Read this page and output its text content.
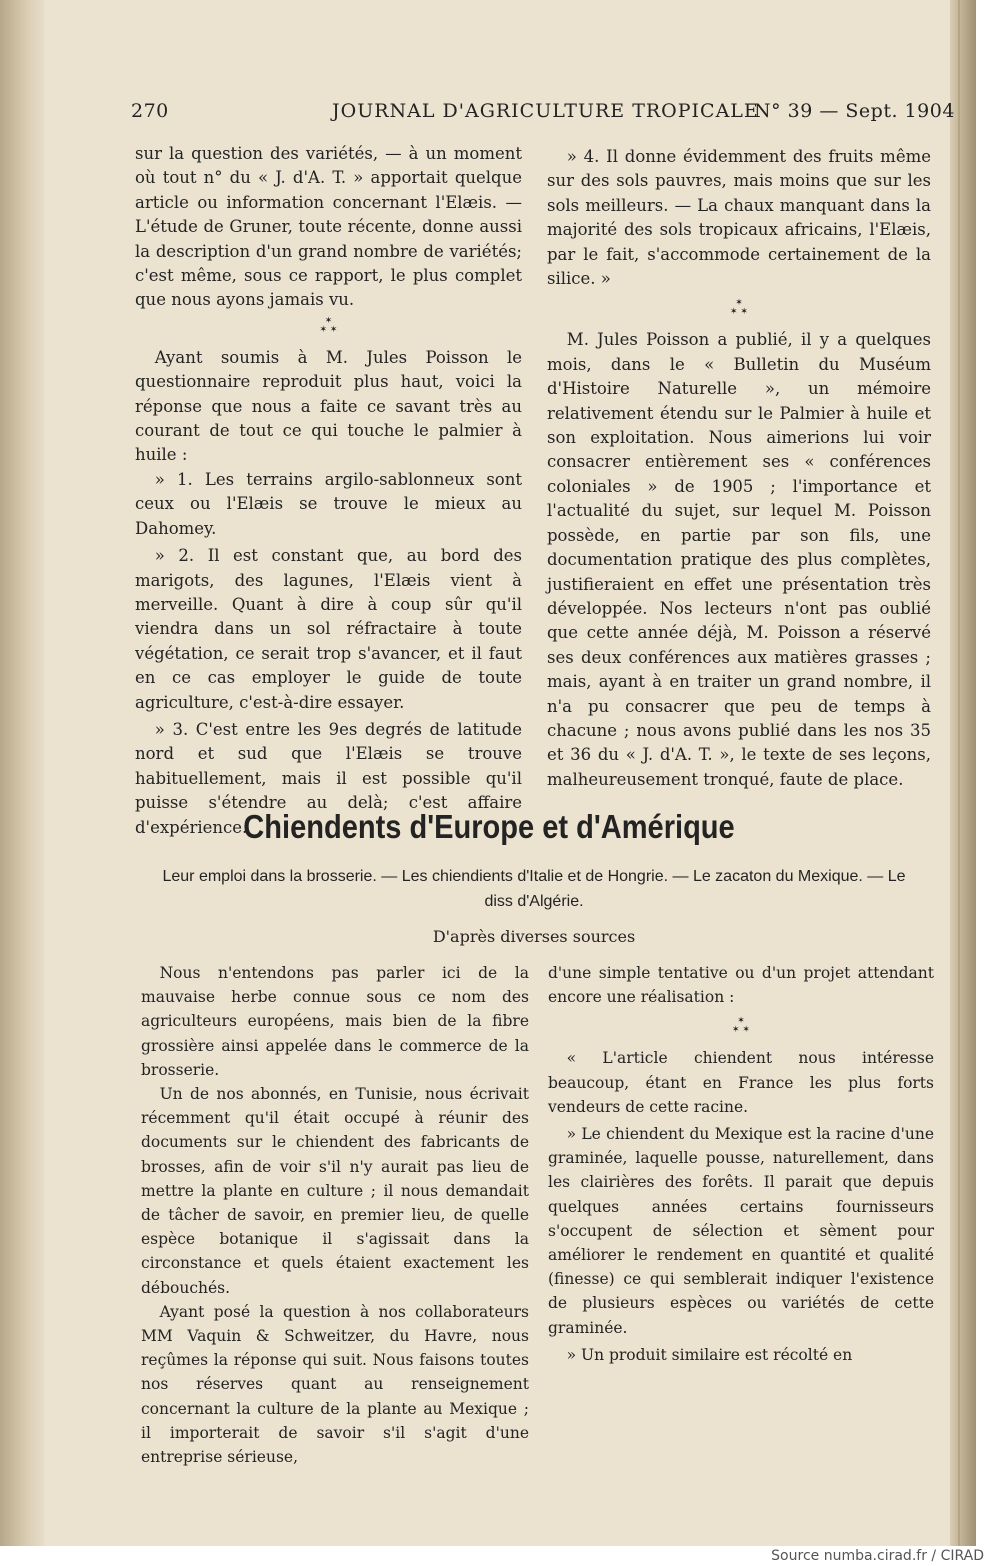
270	JOURNAL D'AGRICULTURE TROPICALE
N° 39 — Sept. 1904

sur la question des variétés, — à un moment où tout n° du « J. d'A. T. » apportait quelque article ou information concernant l'Elæis. — L'étude de Gruner, toute récente, donne aussi la description d'un grand nombre de variétés; c'est même, sous ce rapport, le plus complet que nous ayons jamais vu.

✶
✶ ✶

Ayant soumis à M. Jules Poisson le questionnaire reproduit plus haut, voici la réponse que nous a faite ce savant très au courant de tout ce qui touche le palmier à huile :

» 1. Les terrains argilo-sablonneux sont ceux ou l'Elæis se trouve le mieux au Dahomey.

» 2. Il est constant que, au bord des marigots, des lagunes, l'Elæis vient à merveille. Quant à dire à coup sûr qu'il viendra dans un sol réfractaire à toute végétation, ce serait trop s'avancer, et il faut en ce cas employer le guide de toute agriculture, c'est-à-dire essayer.

» 3. C'est entre les 9es degrés de latitude nord et sud que l'Elæis se trouve habituellement, mais il est possible qu'il puisse s'étendre au delà; c'est affaire d'expérience.

» 4. Il donne évidemment des fruits même sur des sols pauvres, mais moins que sur les sols meilleurs. — La chaux manquant dans la majorité des sols tropicaux africains, l'Elæis, par le fait, s'accommode certainement de la silice. »

✶
✶ ✶

M. Jules Poisson a publié, il y a quelques mois, dans le « Bulletin du Muséum d'Histoire Naturelle », un mémoire relativement étendu sur le Palmier à huile et son exploitation. Nous aimerions lui voir consacrer entièrement ses « conférences coloniales » de 1905 ; l'importance et l'actualité du sujet, sur lequel M. Poisson possède, en partie par son fils, une documentation pratique des plus complètes, justifieraient en effet une présentation très développée. Nos lecteurs n'ont pas oublié que cette année déjà, M. Poisson a réservé ses deux conférences aux matières grasses ; mais, ayant à en traiter un grand nombre, il n'a pu consacrer que peu de temps à chacune ; nous avons publié dans les nos 35 et 36 du « J. d'A. T. », le texte de ses leçons, malheureusement tronqué, faute de place.

Chiendents d'Europe et d'Amérique
Leur emploi dans la brosserie. — Les chiendients d'Italie et de Hongrie. — Le zacaton du Mexique. — Le diss d'Algérie.
D'après diverses sources

Nous n'entendons pas parler ici de la mauvaise herbe connue sous ce nom des agriculteurs européens, mais bien de la fibre grossière ainsi appelée dans le commerce de la brosserie.

Un de nos abonnés, en Tunisie, nous écrivait récemment qu'il était occupé à réunir des documents sur le chiendent des fabricants de brosses, afin de voir s'il n'y aurait pas lieu de mettre la plante en culture ; il nous demandait de tâcher de savoir, en premier lieu, de quelle espèce botanique il s'agissait dans la circonstance et quels étaient exactement les débouchés.

Ayant posé la question à nos collaborateurs MM Vaquin & Schweitzer, du Havre, nous reçûmes la réponse qui suit. Nous faisons toutes nos réserves quant au renseignement concernant la culture de la plante au Mexique ; il importerait de savoir s'il s'agit d'une entreprise sérieuse,

d'une simple tentative ou d'un projet attendant encore une réalisation :

✶
✶ ✶

« L'article chiendent nous intéresse beaucoup, étant en France les plus forts vendeurs de cette racine.

» Le chiendent du Mexique est la racine d'une graminée, laquelle pousse, naturellement, dans les clairières des forêts. Il parait que depuis quelques années certains fournisseurs s'occupent de sélection et sèment pour améliorer le rendement en quantité et qualité (finesse) ce qui semblerait indiquer l'existence de plusieurs espèces ou variétés de cette graminée.

» Un produit similaire est récolté en

Source numba.cirad.fr / CIRAD
